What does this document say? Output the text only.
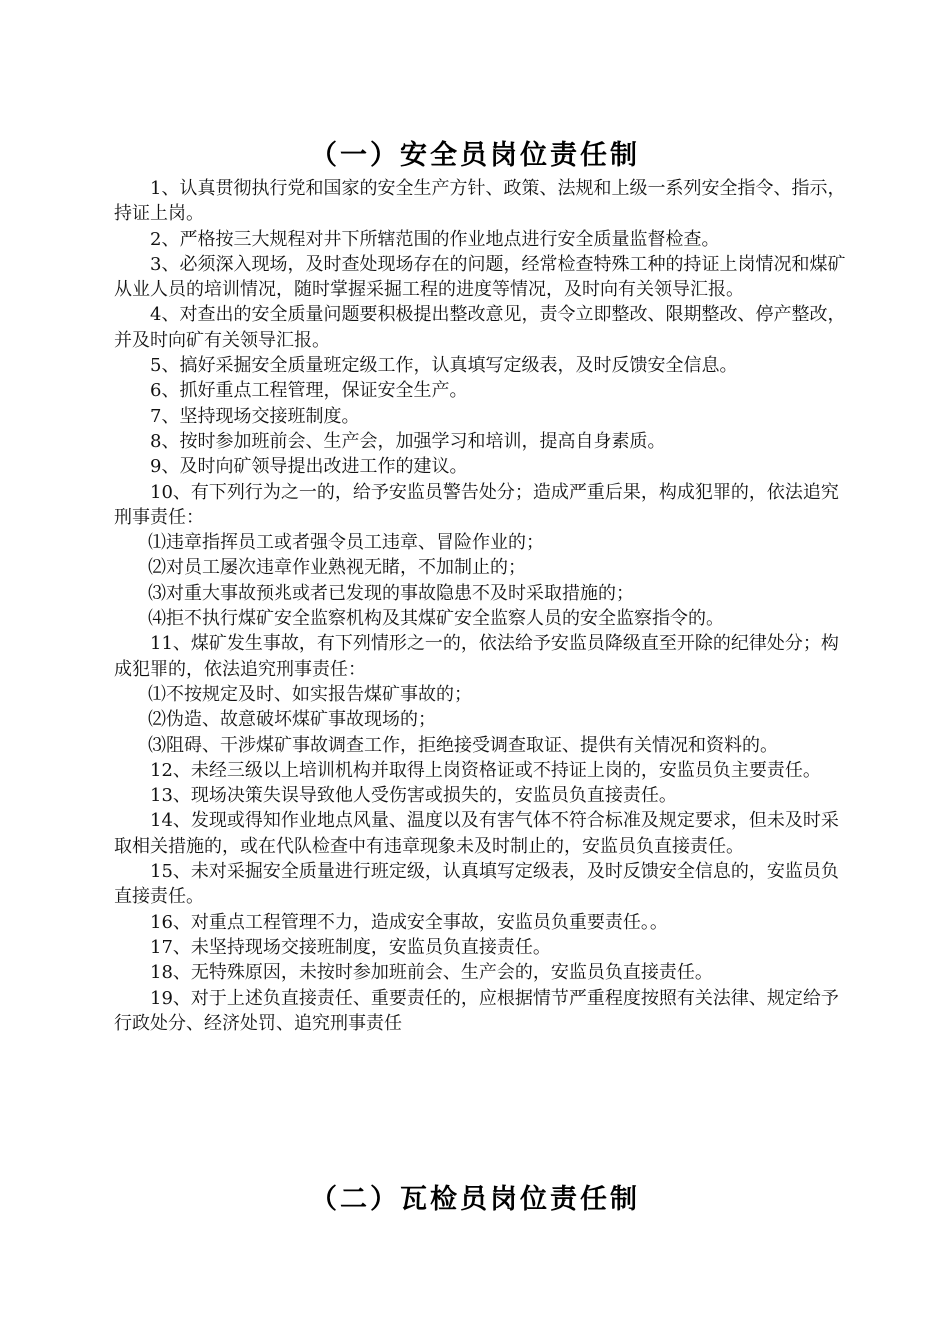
（一）安全员岗位责任制

1、认真贯彻执行党和国家的安全生产方针、政策、法规和上级一系列安全指令、指示，持证上岗。

2、严格按三大规程对井下所辖范围的作业地点进行安全质量监督检查。

3、必须深入现场，及时查处现场存在的问题，经常检查特殊工种的持证上岗情况和煤矿从业人员的培训情况，随时掌握采掘工程的进度等情况，及时向有关领导汇报。

4、对查出的安全质量问题要积极提出整改意见，责令立即整改、限期整改、停产整改，并及时向矿有关领导汇报。

5、搞好采掘安全质量班定级工作，认真填写定级表，及时反馈安全信息。

6、抓好重点工程管理，保证安全生产。

7、坚持现场交接班制度。

8、按时参加班前会、生产会，加强学习和培训，提高自身素质。

9、及时向矿领导提出改进工作的建议。

10、有下列行为之一的，给予安监员警告处分；造成严重后果，构成犯罪的，依法追究刑事责任：

⑴违章指挥员工或者强令员工违章、冒险作业的；

⑵对员工屡次违章作业熟视无睹，不加制止的；

⑶对重大事故预兆或者已发现的事故隐患不及时采取措施的；

⑷拒不执行煤矿安全监察机构及其煤矿安全监察人员的安全监察指令的。

11、煤矿发生事故，有下列情形之一的，依法给予安监员降级直至开除的纪律处分；构成犯罪的，依法追究刑事责任：

⑴不按规定及时、如实报告煤矿事故的；

⑵伪造、故意破坏煤矿事故现场的；

⑶阻碍、干涉煤矿事故调查工作，拒绝接受调查取证、提供有关情况和资料的。

12、未经三级以上培训机构并取得上岗资格证或不持证上岗的，安监员负主要责任。

13、现场决策失误导致他人受伤害或损失的，安监员负直接责任。

14、发现或得知作业地点风量、温度以及有害气体不符合标准及规定要求，但未及时采取相关措施的，或在代队检查中有违章现象未及时制止的，安监员负直接责任。

15、未对采掘安全质量进行班定级，认真填写定级表，及时反馈安全信息的，安监员负直接责任。

16、对重点工程管理不力，造成安全事故，安监员负重要责任。。

17、未坚持现场交接班制度，安监员负直接责任。

18、无特殊原因，未按时参加班前会、生产会的，安监员负直接责任。

19、对于上述负直接责任、重要责任的，应根据情节严重程度按照有关法律、规定给予行政处分、经济处罚、追究刑事责任

（二）瓦检员岗位责任制
